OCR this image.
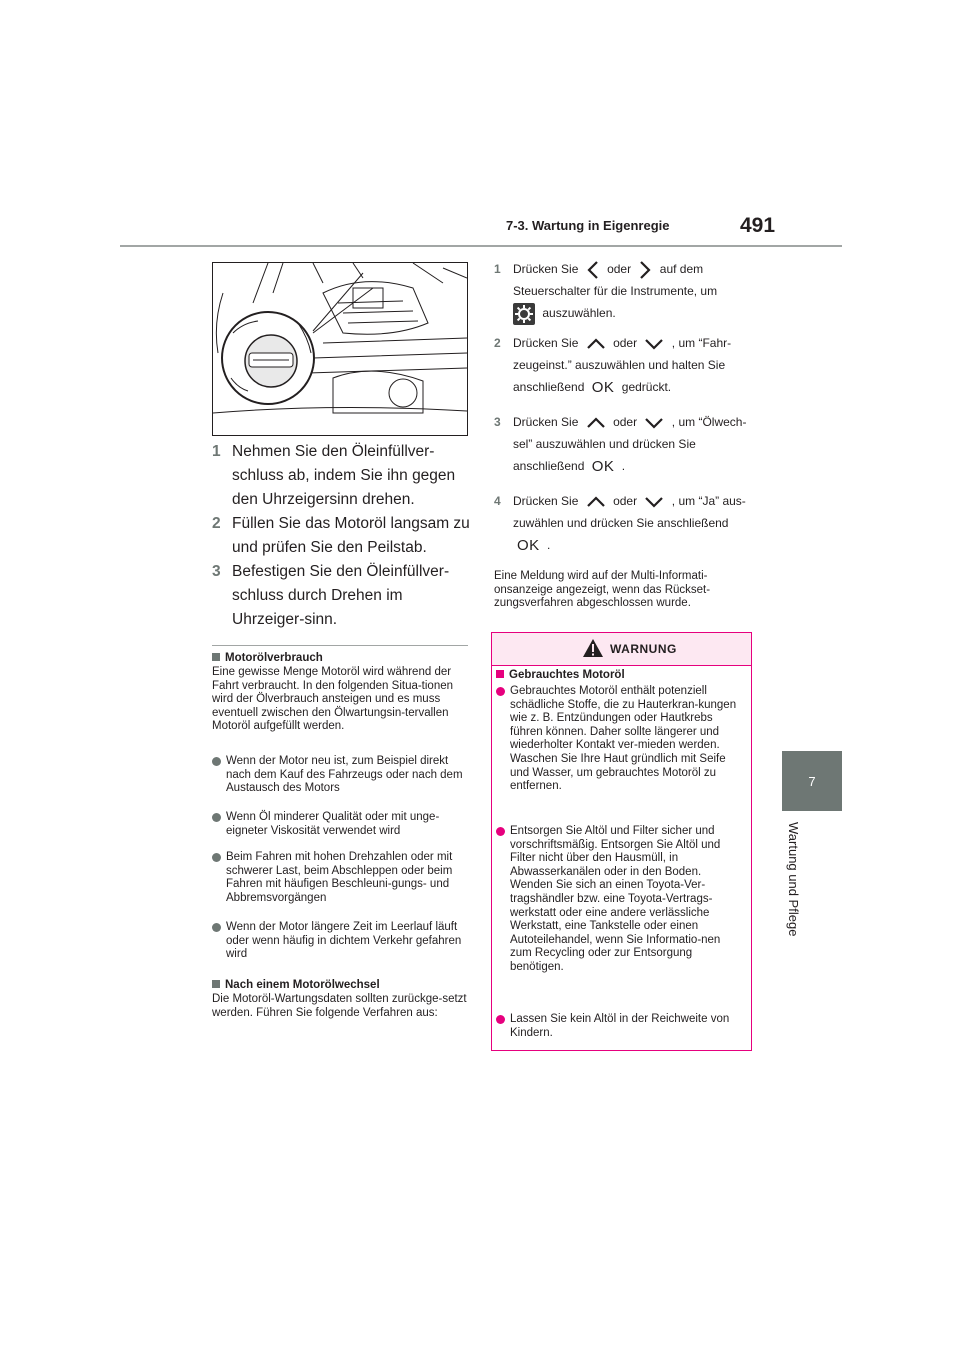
7-3. Wartung in Eigenregie	491
7
Wartung und Pflege
1 Nehmen Sie den Öleinfüllver-schluss ab, indem Sie ihn gegen den Uhrzeigersinn drehen.
2 Füllen Sie das Motoröl langsam zu und prüfen Sie den Peilstab.
3 Befestigen Sie den Öleinfüllver-schluss durch Drehen im Uhrzeiger-sinn.
Motorölverbrauch
Eine gewisse Menge Motoröl wird während der Fahrt verbraucht. In den folgenden Situa-tionen wird der Ölverbrauch ansteigen und es muss eventuell zwischen den Ölwartungsin-tervallen Motoröl aufgefüllt werden.
Wenn der Motor neu ist, zum Beispiel direkt nach dem Kauf des Fahrzeugs oder nach dem Austausch des Motors
Wenn Öl minderer Qualität oder mit unge-eigneter Viskosität verwendet wird
Beim Fahren mit hohen Drehzahlen oder mit schwerer Last, beim Abschleppen oder beim Fahren mit häufigen Beschleuni-gungs- und Abbremsvorgängen
Wenn der Motor längere Zeit im Leerlauf läuft oder wenn häufig in dichtem Verkehr gefahren wird
Nach einem Motorölwechsel
Die Motoröl-Wartungsdaten sollten zurückge-setzt werden. Führen Sie folgende Verfahren aus:
1 Drücken Sie oder auf dem Steuerschalter für die Instrumente, um
auszuwählen.
2 Drücken Sie	oder	, um “Fahr-zeugeinst.” auszuwählen und halten Sie anschließend OK gedrückt.
3 Drücken Sie	oder	, um “Ölwech-sel” auszuwählen und drücken Sie anschließend OK .
4 Drücken Sie	oder	, um “Ja” aus-zuwählen und drücken Sie anschließend
OK .
Eine Meldung wird auf der Multi-Informati-onsanzeige angezeigt, wenn das Rückset-zungsverfahren abgeschlossen wurde.
WARNUNG
Gebrauchtes Motoröl
Gebrauchtes Motoröl enthält potenziell schädliche Stoffe, die zu Hauterkran-kungen wie z. B. Entzündungen oder Hautkrebs führen können. Daher sollte längerer und wiederholter Kontakt ver-mieden werden. Waschen Sie Ihre Haut gründlich mit Seife und Wasser, um gebrauchtes Motoröl zu entfernen.
Entsorgen Sie Altöl und Filter sicher und vorschriftsmäßig. Entsorgen Sie Altöl und Filter nicht über den Hausmüll, in Abwasserkanälen oder in den Boden. Wenden Sie sich an einen Toyota-Ver-tragshändler bzw. eine Toyota-Vertrags-werkstatt oder eine andere verlässliche Werkstatt, eine Tankstelle oder einen Autoteilehandel, wenn Sie Informatio-nen zum Recycling oder zur Entsorgung benötigen.
Lassen Sie kein Altöl in der Reichweite von Kindern.
